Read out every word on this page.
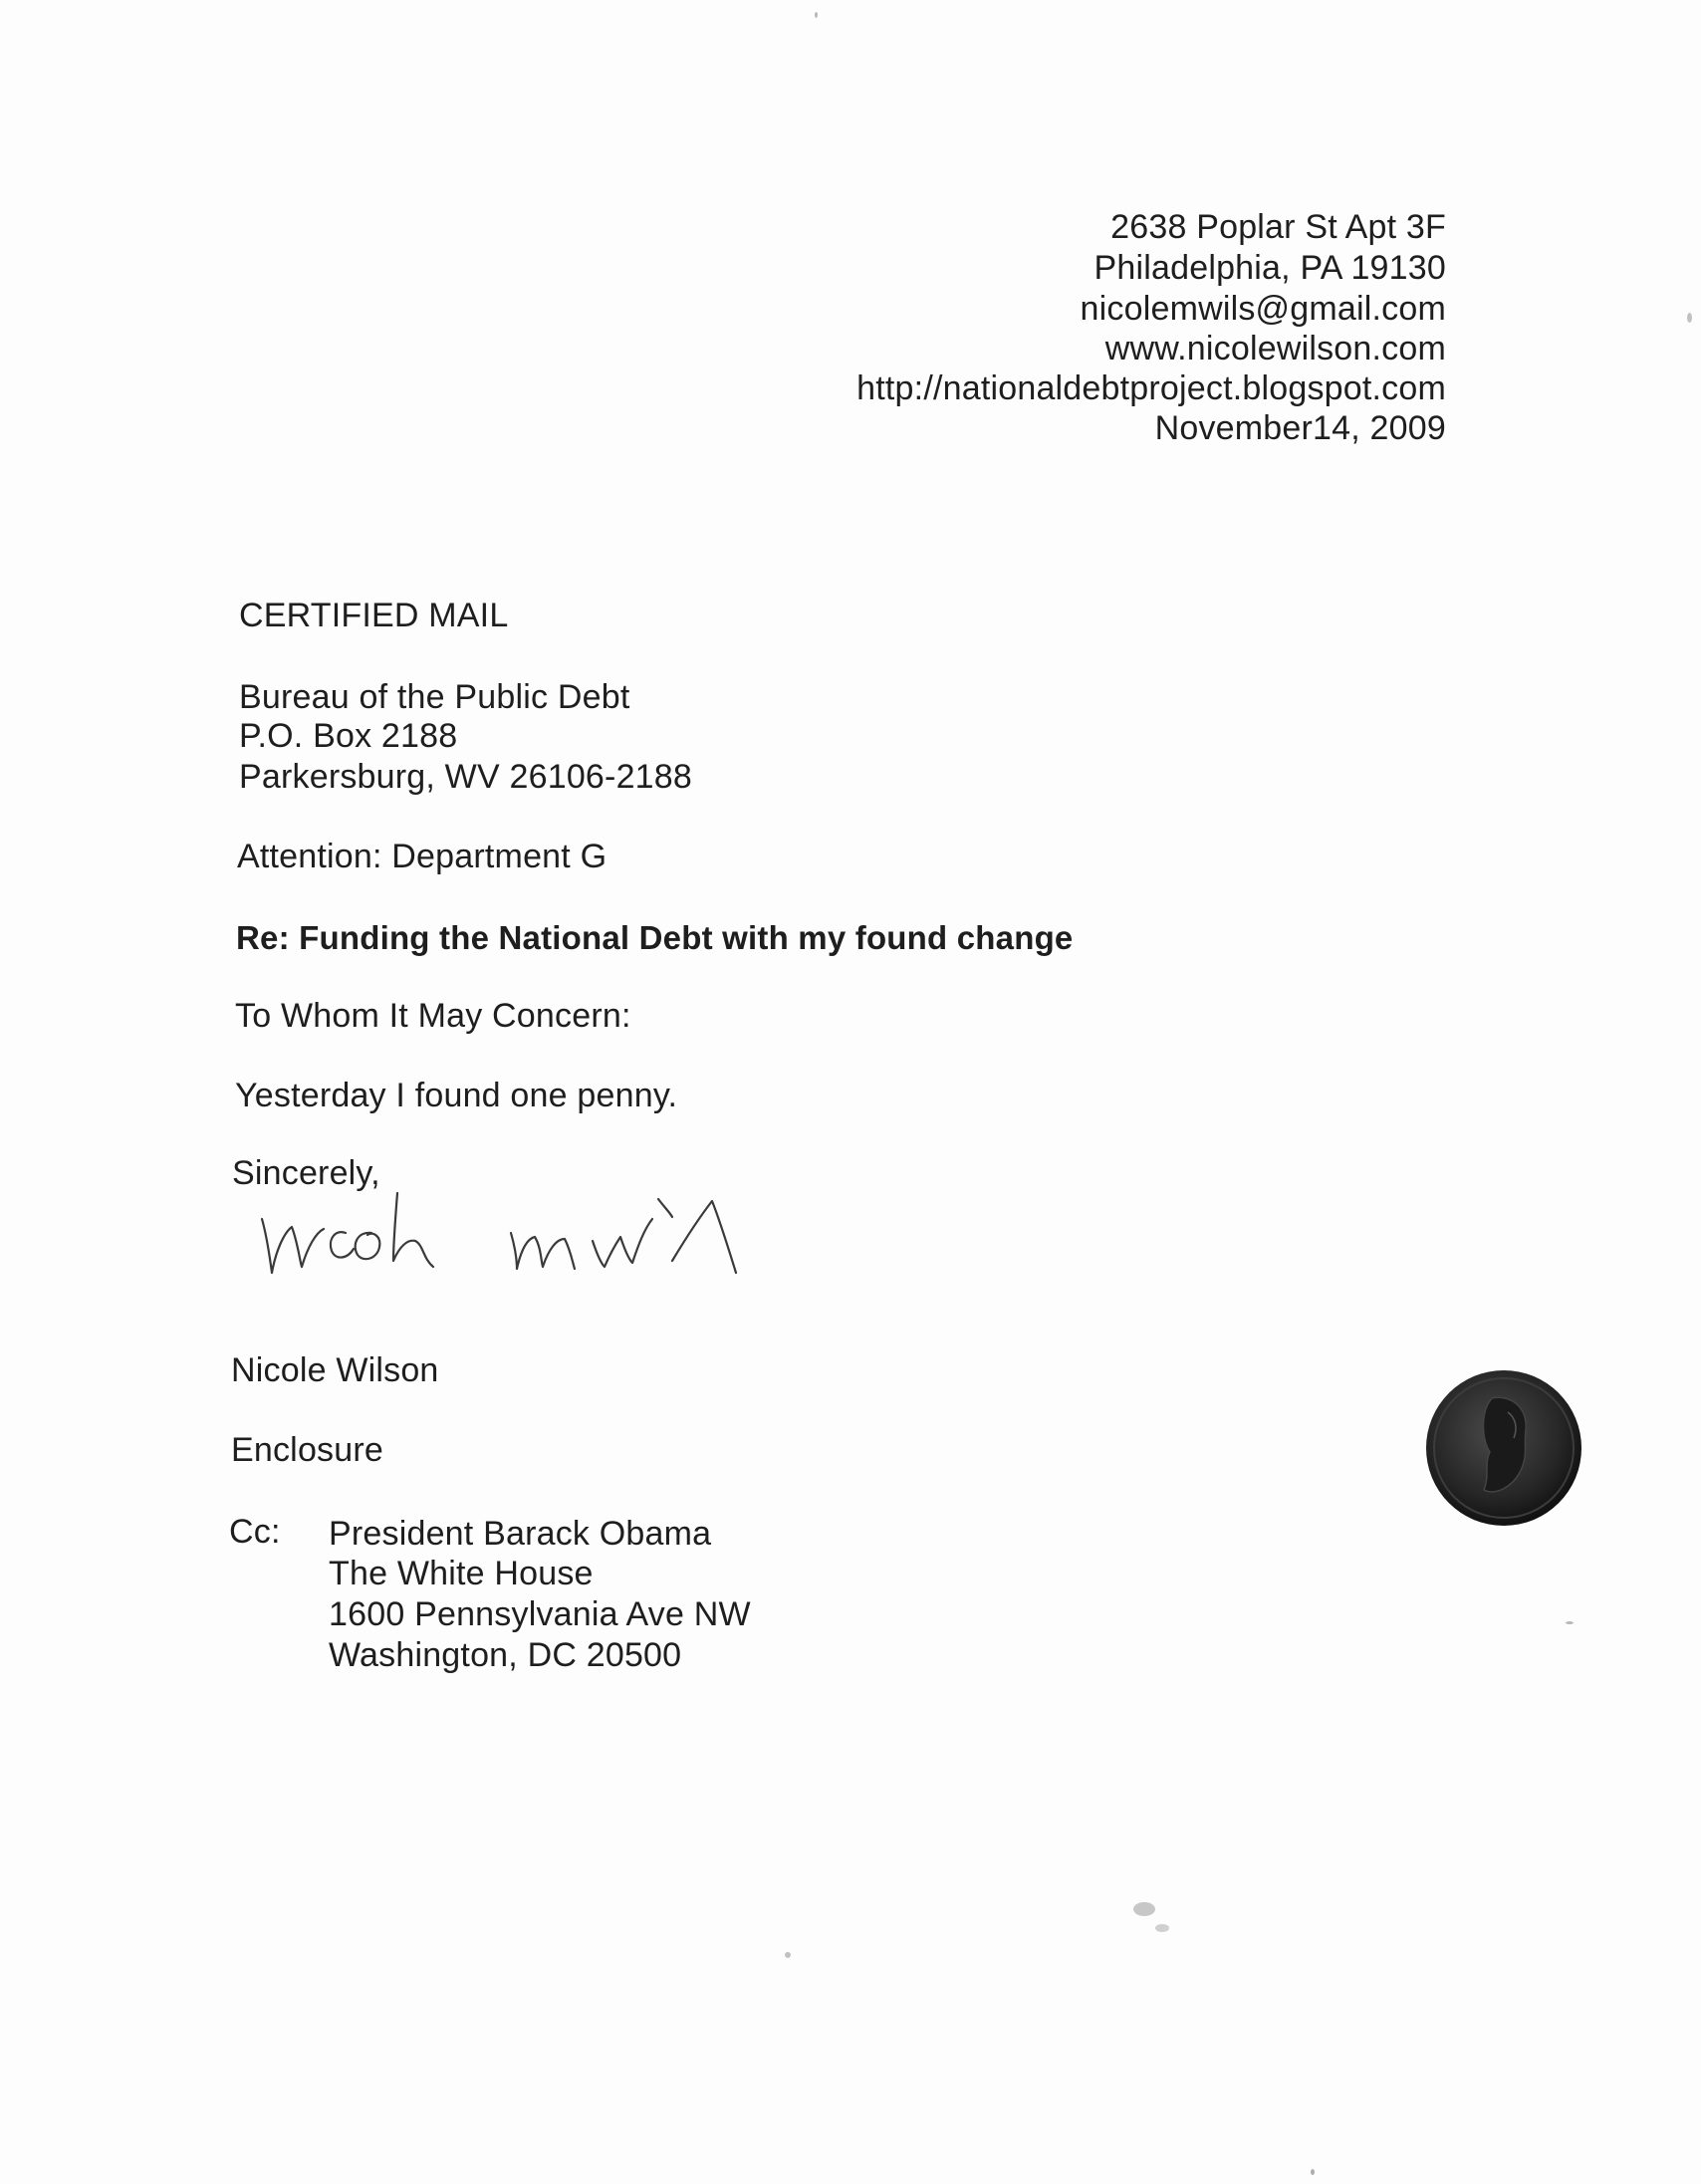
2638 Poplar St Apt 3F
Philadelphia, PA 19130
nicolemwils@gmail.com
www.nicolewilson.com
http://nationaldebtproject.blogspot.com
November14, 2009
CERTIFIED MAIL
Bureau of the Public Debt
P.O. Box 2188
Parkersburg, WV 26106-2188
Attention: Department G
Re: Funding the National Debt with my found change
To Whom It May Concern:
Yesterday I found one penny.
Sincerely,
Nicole Wilson
Enclosure
Cc: President Barack Obama
The White House
1600 Pennsylvania Ave NW
Washington, DC 20500
